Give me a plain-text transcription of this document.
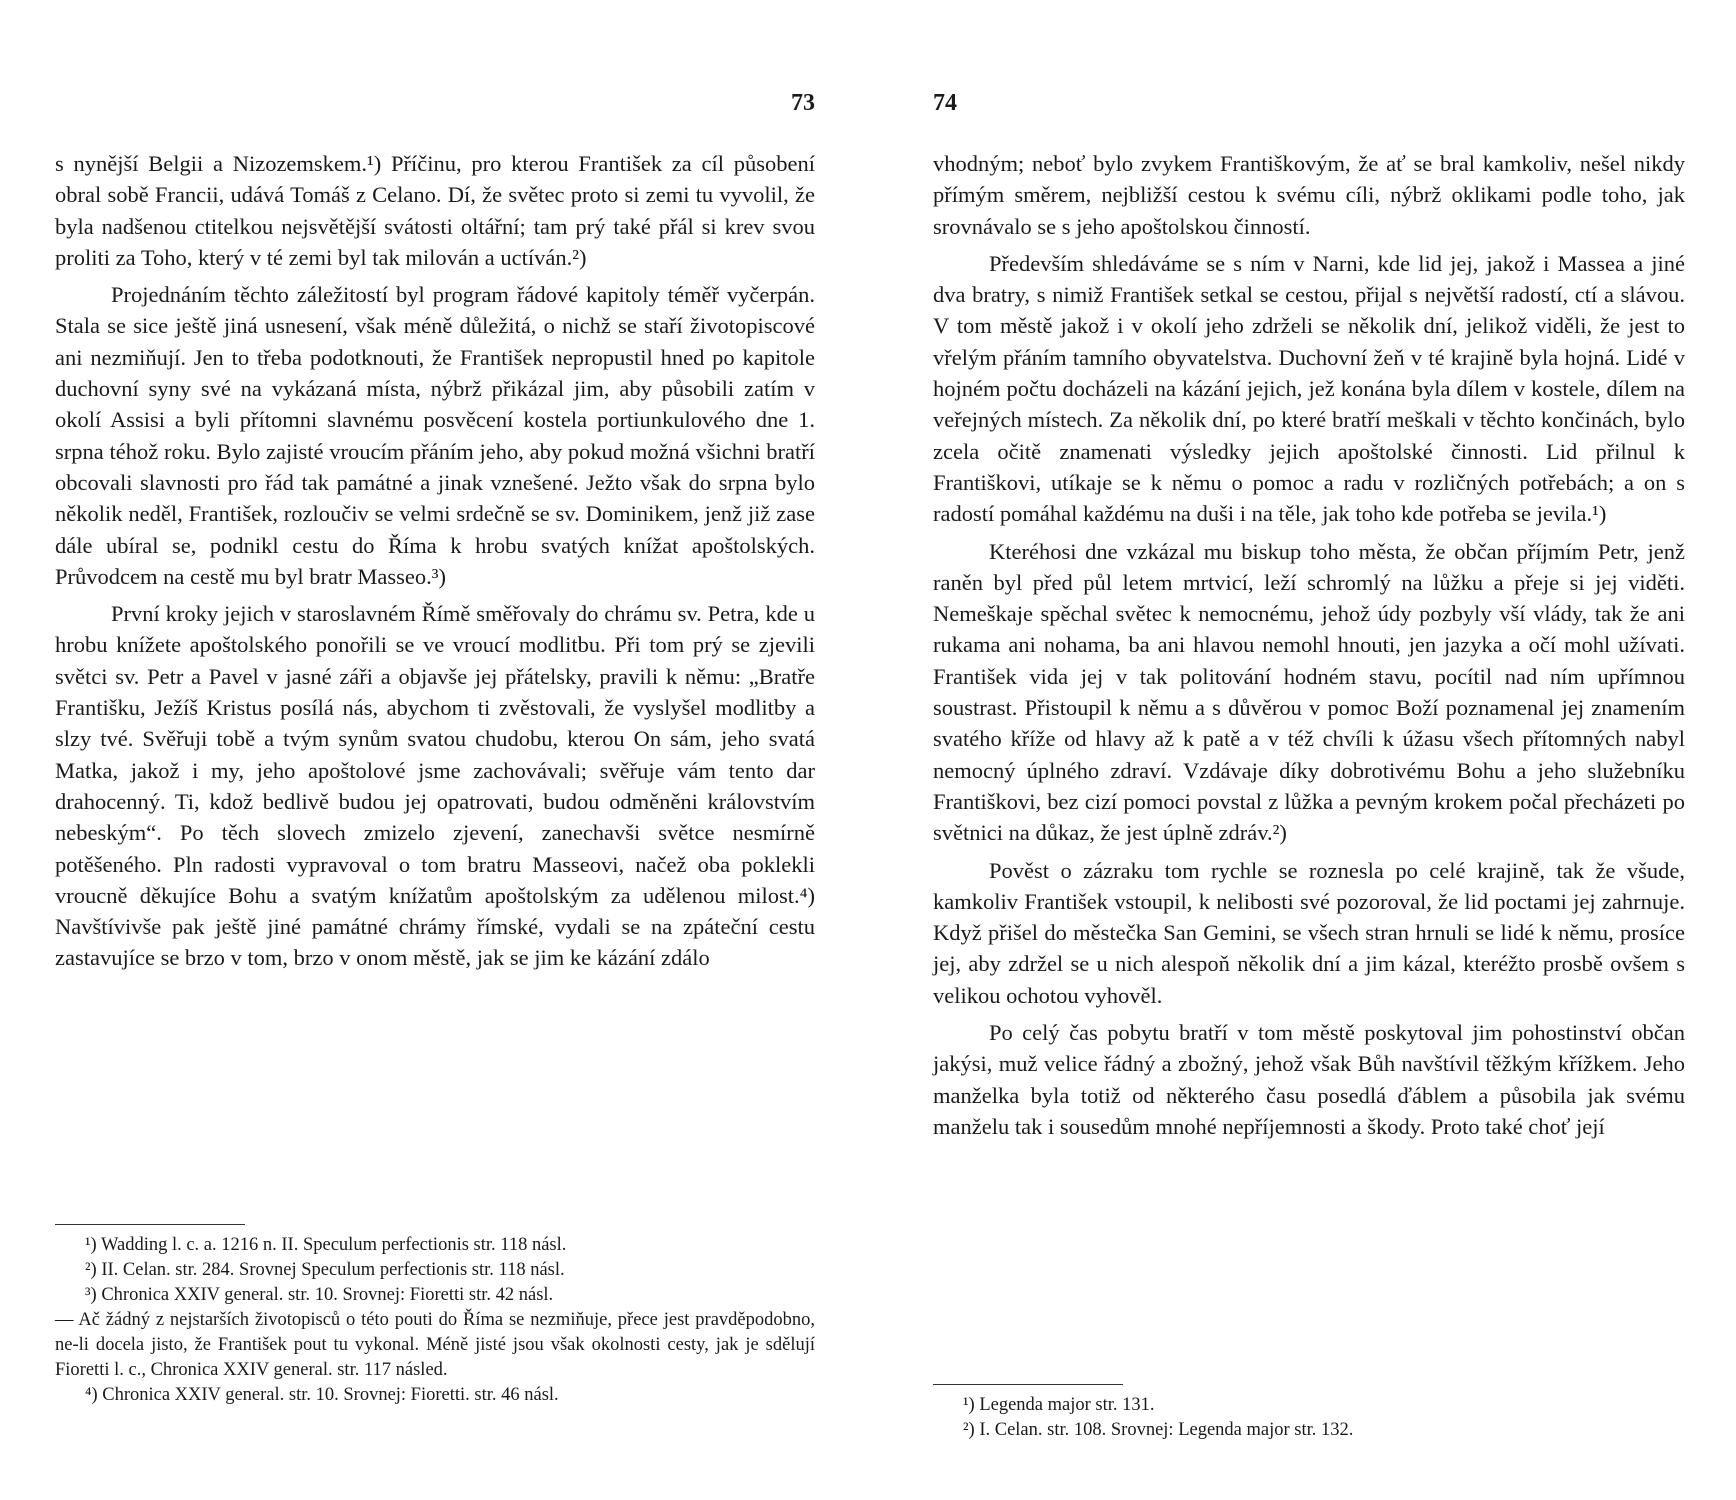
73

s nynější Belgii a Nizozemskem.¹) Příčinu, pro kterou František za cíl působení obral sobě Francii, udává Tomáš z Celano. Dí, že světec proto si zemi tu vyvolil, že byla nadšenou ctitelkou nejsvětější svátosti oltářní; tam prý také přál si krev svou proliti za Toho, který v té zemi byl tak milován a uctíván.²)

Projednáním těchto záležitostí byl program řádové kapitoly téměř vyčerpán. Stala se sice ještě jiná usnesení, však méně důležitá, o nichž se staří životopiscové ani nezmiňují. Jen to třeba podotknouti, že František nepropustil hned po kapitole duchovní syny své na vykázaná místa, nýbrž přikázal jim, aby působili zatím v okolí Assisi a byli přítomni slavnému posvěcení kostela portiunkulového dne 1. srpna téhož roku. Bylo zajisté vroucím přáním jeho, aby pokud možná všichni bratří obcovali slavnosti pro řád tak památné a jinak vznešené. Ježto však do srpna bylo několik neděl, František, rozloučiv se velmi srdečně se sv. Dominikem, jenž již zase dále ubíral se, podnikl cestu do Říma k hrobu svatých knížat apoštolských. Průvodcem na cestě mu byl bratr Masseo.³)

První kroky jejich v staroslavném Římě směřovaly do chrámu sv. Petra, kde u hrobu knížete apoštolského ponořili se ve vroucí modlitbu. Při tom prý se zjevili světci sv. Petr a Pavel v jasné záři a objavše jej přátelsky, pravili k němu: „Bratře Františku, Ježíš Kristus posílá nás, abychom ti zvěstovali, že vyslyšel modlitby a slzy tvé. Svěřuji tobě a tvým synům svatou chudobu, kterou On sám, jeho svatá Matka, jakož i my, jeho apoštolové jsme zachovávali; svěřuje vám tento dar drahocenný. Ti, kdož bedlivě budou jej opatrovati, budou odměněni královstvím nebeským“. Po těch slovech zmizelo zjevení, zanechavši světce nesmírně potěšeného. Pln radosti vypravoval o tom bratru Masseovi, načež oba poklekli vroucně děkujíce Bohu a svatým knížatům apoštolským za udělenou milost.⁴) Navštívivše pak ještě jiné památné chrámy římské, vydali se na zpáteční cestu zastavujíce se brzo v tom, brzo v onom městě, jak se jim ke kázání zdálo

¹) Wadding l. c. a. 1216 n. II. Speculum perfectionis str. 118 násl.

²) II. Celan. str. 284. Srovnej Speculum perfectionis str. 118 násl.

³) Chronica XXIV general. str. 10. Srovnej: Fioretti str. 42 násl.

— Ač žádný z nejstarších životopisců o této pouti do Říma se nezmiňuje, přece jest pravděpodobno, ne-li docela jisto, že František pout tu vykonal. Méně jisté jsou však okolnosti cesty, jak je sdělují Fioretti l. c., Chronica XXIV general. str. 117 násled.

⁴) Chronica XXIV general. str. 10. Srovnej: Fioretti. str. 46 násl.

74

vhodným; neboť bylo zvykem Františkovým, že ať se bral kamkoliv, nešel nikdy přímým směrem, nejbližší cestou k svému cíli, nýbrž oklikami podle toho, jak srovnávalo se s jeho apoštolskou činností.

Především shledáváme se s ním v Narni, kde lid jej, jakož i Massea a jiné dva bratry, s nimiž František setkal se cestou, přijal s největší radostí, ctí a slávou. V tom městě jakož i v okolí jeho zdrželi se několik dní, jelikož viděli, že jest to vřelým přáním tamního obyvatelstva. Duchovní žeň v té krajině byla hojná. Lidé v hojném počtu docházeli na kázání jejich, jež konána byla dílem v kostele, dílem na veřejných místech. Za několik dní, po které bratří meškali v těchto končinách, bylo zcela očitě znamenati výsledky jejich apoštolské činnosti. Lid přilnul k Františkovi, utíkaje se k němu o pomoc a radu v rozličných potřebách; a on s radostí pomáhal každému na duši i na těle, jak toho kde potřeba se jevila.¹)

Kteréhosi dne vzkázal mu biskup toho města, že občan příjmím Petr, jenž raněn byl před půl letem mrtvicí, leží schromlý na lůžku a přeje si jej viděti. Nemeškaje spěchal světec k nemocnému, jehož údy pozbyly vší vlády, tak že ani rukama ani nohama, ba ani hlavou nemohl hnouti, jen jazyka a očí mohl užívati. František vida jej v tak politování hodném stavu, pocítil nad ním upřímnou soustrast. Přistoupil k němu a s důvěrou v pomoc Boží poznamenal jej znamením svatého kříže od hlavy až k patě a v též chvíli k úžasu všech přítomných nabyl nemocný úplného zdraví. Vzdávaje díky dobrotivému Bohu a jeho služebníku Františkovi, bez cizí pomoci povstal z lůžka a pevným krokem počal přecházeti po světnici na důkaz, že jest úplně zdráv.²)

Pověst o zázraku tom rychle se roznesla po celé krajině, tak že všude, kamkoliv František vstoupil, k nelibosti své pozoroval, že lid poctami jej zahrnuje. Když přišel do městečka San Gemini, se všech stran hrnuli se lidé k němu, prosíce jej, aby zdržel se u nich alespoň několik dní a jim kázal, kteréžto prosbě ovšem s velikou ochotou vyhověl.

Po celý čas pobytu bratří v tom městě poskytoval jim pohostinství občan jakýsi, muž velice řádný a zbožný, jehož však Bůh navštívil těžkým křížkem. Jeho manželka byla totiž od některého času posedlá ďáblem a působila jak svému manželu tak i sousedům mnohé nepříjemnosti a škody. Proto také choť její

¹) Legenda major str. 131.

²) I. Celan. str. 108. Srovnej: Legenda major str. 132.
